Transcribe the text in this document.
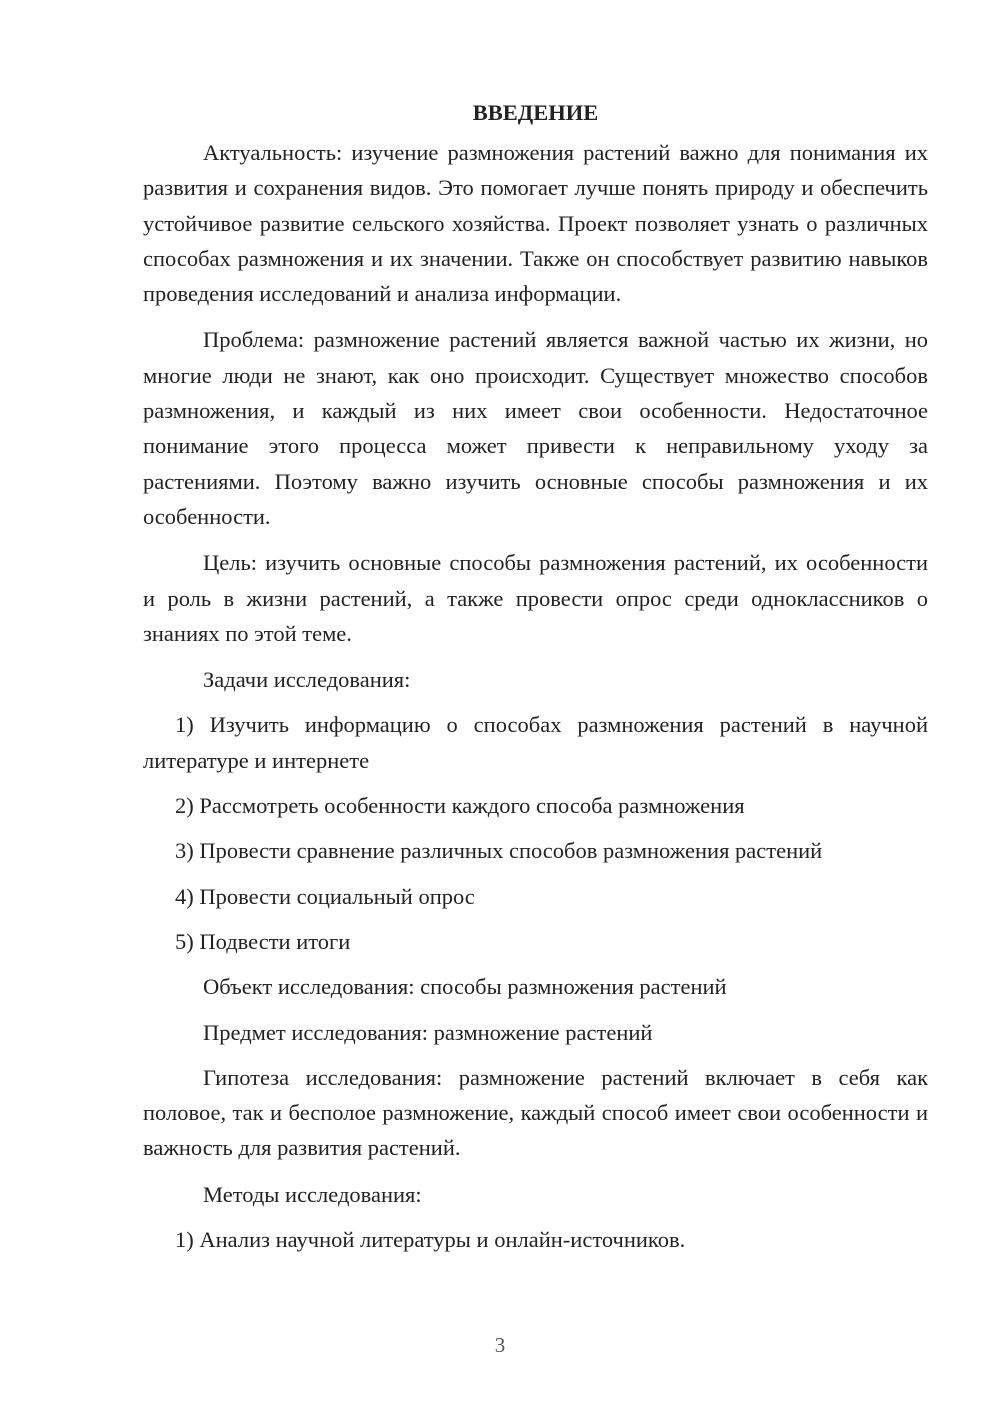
ВВЕДЕНИЕ

Актуальность: изучение размножения растений важно для понимания их развития и сохранения видов. Это помогает лучше понять природу и обеспечить устойчивое развитие сельского хозяйства. Проект позволяет узнать о различных способах размножения и их значении. Также он способствует развитию навыков проведения исследований и анализа информации.

Проблема: размножение растений является важной частью их жизни, но многие люди не знают, как оно происходит. Существует множество способов размножения, и каждый из них имеет свои особенности. Недостаточное понимание этого процесса может привести к неправильному уходу за растениями. Поэтому важно изучить основные способы размножения и их особенности.

Цель: изучить основные способы размножения растений, их особенности и роль в жизни растений, а также провести опрос среди одноклассников о знаниях по этой теме.

Задачи исследования:

1) Изучить информацию о способах размножения растений в научной литературе и интернете

2) Рассмотреть особенности каждого способа размножения

3) Провести сравнение различных способов размножения растений

4) Провести социальный опрос

5) Подвести итоги

Объект исследования: способы размножения растений

Предмет исследования: размножение растений

Гипотеза исследования: размножение растений включает в себя как половое, так и бесполое размножение, каждый способ имеет свои особенности и важность для развития растений.

Методы исследования:

1) Анализ научной литературы и онлайн-источников.

3
